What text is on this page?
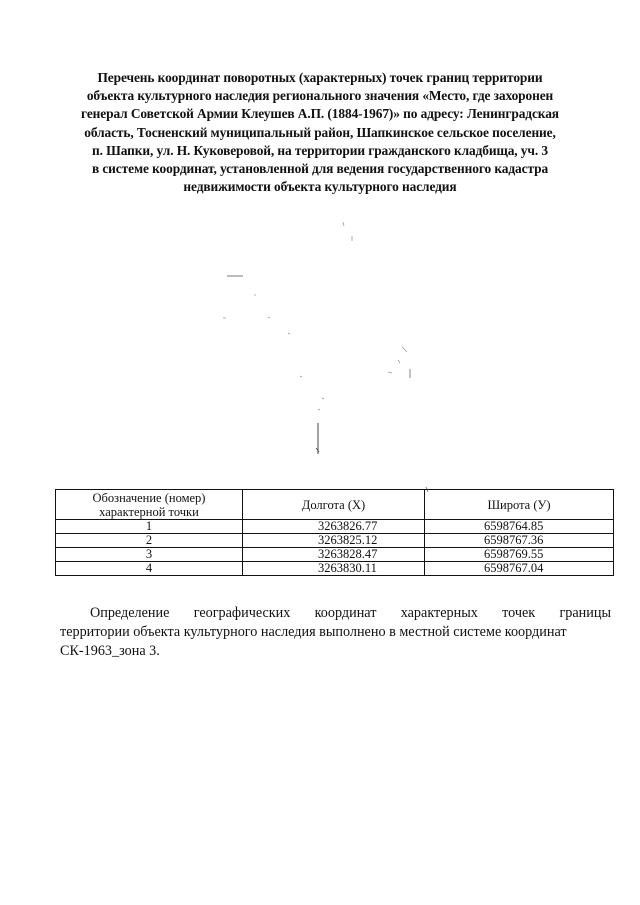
Перечень координат поворотных (характерных) точек границ территории
объекта культурного наследия регионального значения «Место, где захоронен
генерал Советской Армии Клеушев А.П. (1884-1967)» по адресу: Ленинградская
область, Тосненский муниципальный район, Шапкинское сельское поселение,
п. Шапки, ул. Н. Куковеровой, на территории гражданского кладбища, уч. 3
в системе координат, установленной для ведения государственного кадастра
недвижимости объекта культурного наследия
Обозначение (номер)
характерной точки	Долгота (X)	Широта (У)
1	3263826.77	6598764.85
2	3263825.12	6598767.36
3	3263828.47	6598769.55
4	3263830.11	6598767.04
Определение географических координат характерных точек границы
территории объекта культурного наследия выполнено в местной системе координат
СК-1963_зона 3.
